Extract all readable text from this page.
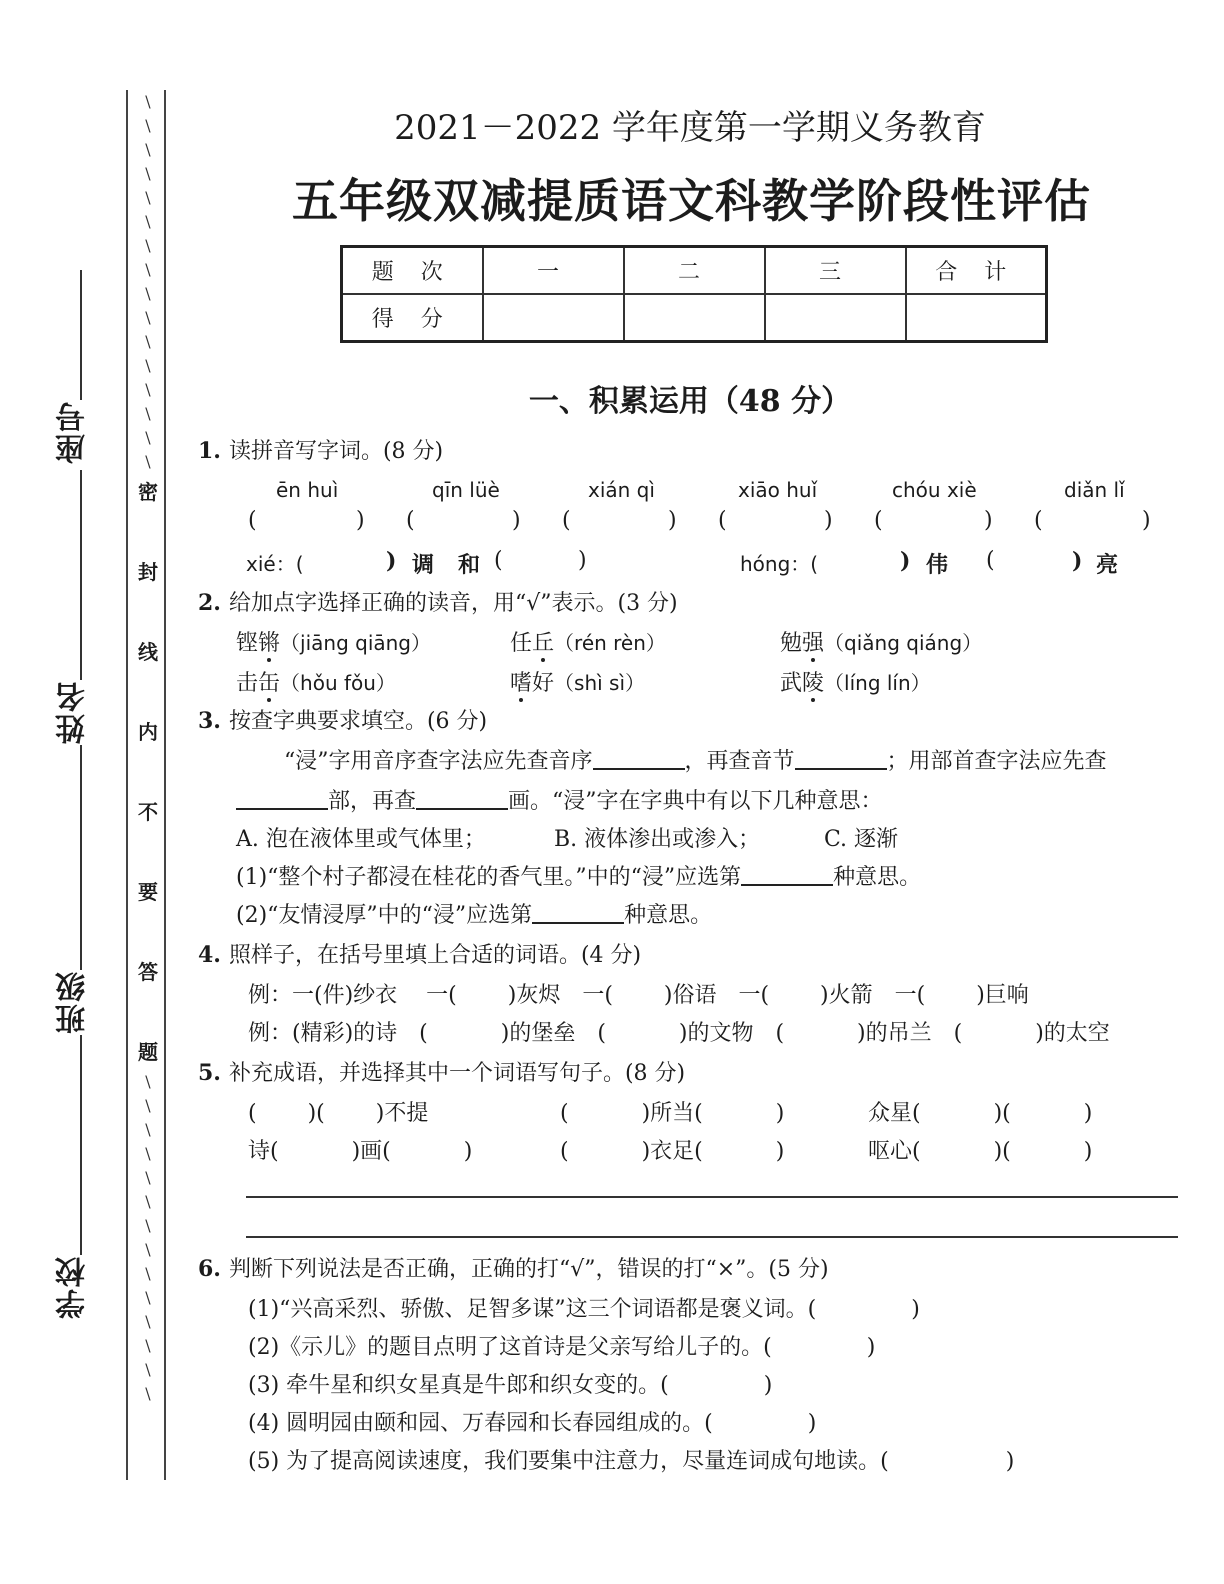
座号
姓名
班级
学校
\
\
\
\
\
\
\
\
\
\
\
\
\
\
\
\
密
封
线
内
不
要
答
题
\
\
\
\
\
\
\
\
\
\
\
\
\
\
2021－2022 学年度第一学期义务教育
五年级双减提质语文科教学阶段性评估
题 次	一	二	三	合 计
得 分				
一、积累运用（48 分）
1. 读拼音写字词。(8 分)
ēn huì	qīn lüè	xián qì	xiāo huǐ	chóu xiè	diǎn lǐ
(	) (	) (	) (	) (	) (	)
xié：(	) 调 和 (	)	hóng：(	) 伟 (	) 亮
2. 给加点字选择正确的读音，用“√”表示。(3 分)
铿锵（jiāng qiāng）	任丘（rén rèn）	勉强（qiǎng qiáng）
击缶（hǒu fǒu）	嗜好（shì sì）	武陵（líng lín）
3. 按查字典要求填空。(6 分)
“浸”字用音序查字法应先查音序	，再查音节	；用部首查字法应先查
部，再查	画。“浸”字在字典中有以下几种意思：
A. 泡在液体里或气体里；	B. 液体渗出或渗入；	C. 逐渐
(1)“整个村子都浸在桂花的香气里。”中的“浸”应选第	种意思。
(2)“友情浸厚”中的“浸”应选第	种意思。
4. 照样子，在括号里填上合适的词语。(4 分)
例：一(件)纱衣　 一(　　 )灰烬　一(　　 )俗语　一(　　 )火箭　一(　　 )巨响
例：(精彩)的诗　(　　　 )的堡垒　(　　　 )的文物　(　　　 )的吊兰　(　　　 )的太空
5. 补充成语，并选择其中一个词语写句子。(8 分)
(　　 )(　　 )不提	(　　　 )所当(　　　 )	众星(　　　 )(　　　 )
诗(　　　 )画(　　　 )	(　　　 )衣足(　　　 )	呕心(　　　 )(　　　 )
6. 判断下列说法是否正确，正确的打“√”，错误的打“×”。(5 分)
(1)“兴高采烈、骄傲、足智多谋”这三个词语都是褒义词。(　　　　 )
(2)《示儿》的题目点明了这首诗是父亲写给儿子的。(　　　　 )
(3) 牵牛星和织女星真是牛郎和织女变的。(　　　　 )
(4) 圆明园由颐和园、万春园和长春园组成的。(　　　　 )
(5) 为了提高阅读速度，我们要集中注意力，尽量连词成句地读。(　　　　　 )
